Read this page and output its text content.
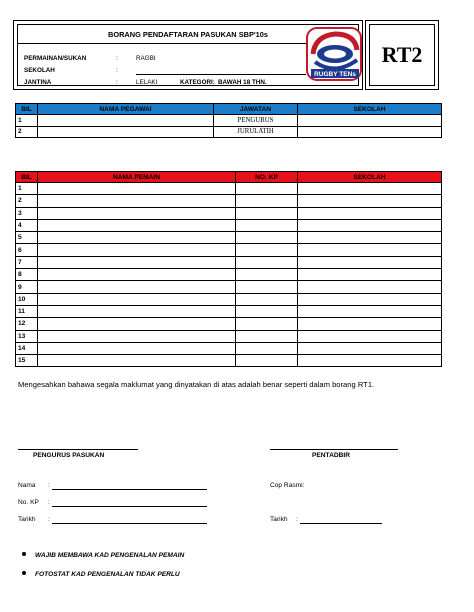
BORANG PENDAFTARAN PASUKAN SBP'10s
PERMAINAN/SUKAN	:	RAGBI
SEKOLAH	:
JANTINA	:	LELAKI	KATEGORI: BAWAH 18 THN.
RUGBY TENs
RT2
BIL	NAMA PEGAWAI	JAWATAN	SEKOLAH
1		PENGURUS	
2		JURULATIH	
BIL	NAMA PEMAIN	NO. KP	SEKOLAH
1			
2			
3			
4			
5			
6			
7			
8			
9			
10			
11			
12			
13			
14			
15			
Mengesahkan bahawa segala maklumat yang dinyatakan di atas adalah benar seperti dalam borang RT1.
PENGURUS PASUKAN	PENTADBIR
Nama :	Cop Rasmi:
No. KP :
Tarikh :	Tarikh :
WAJIB MEMBAWA KAD PENGENALAN PEMAIN
FOTOSTAT KAD PENGENALAN TIDAK PERLU
